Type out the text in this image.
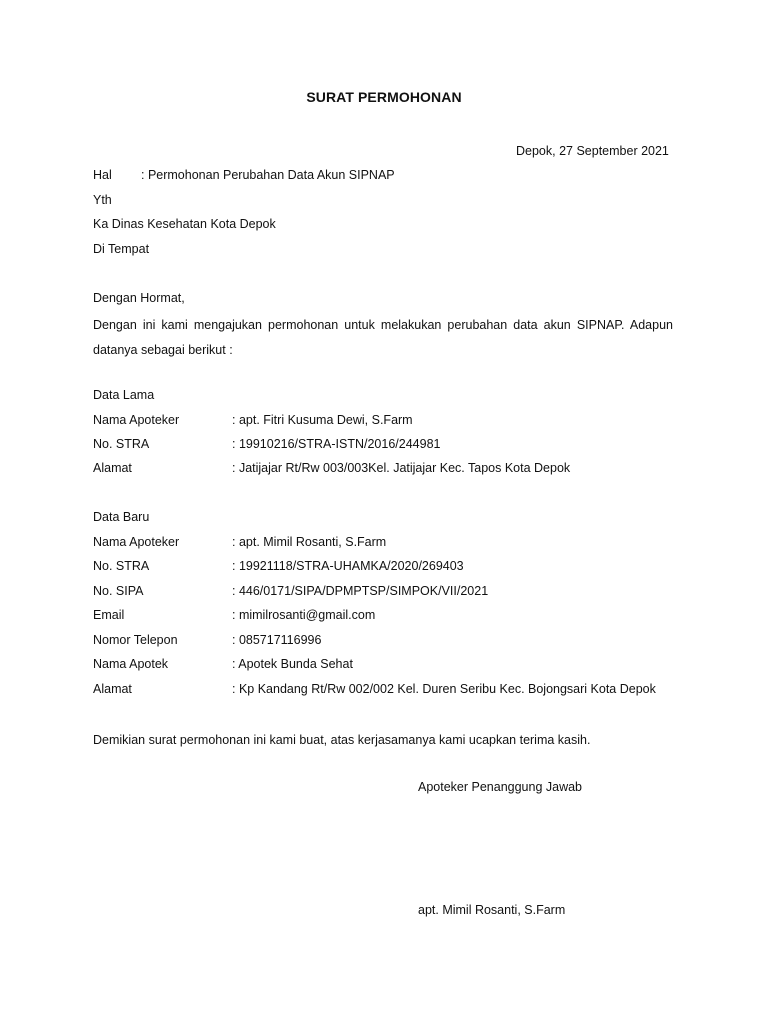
SURAT PERMOHONAN
Depok, 27 September 2021
Hal : Permohonan Perubahan Data Akun SIPNAP
Yth
Ka Dinas Kesehatan Kota Depok
Di Tempat
Dengan Hormat,
Dengan ini kami mengajukan permohonan untuk melakukan perubahan data akun SIPNAP. Adapun datanya sebagai berikut :
Data Lama
Nama Apoteker	: apt. Fitri Kusuma Dewi, S.Farm
No. STRA	: 19910216/STRA-ISTN/2016/244981
Alamat	: Jatijajar Rt/Rw 003/003Kel. Jatijajar Kec. Tapos Kota Depok
Data Baru
Nama Apoteker	: apt. Mimil Rosanti, S.Farm
No. STRA	: 19921118/STRA-UHAMKA/2020/269403
No. SIPA	: 446/0171/SIPA/DPMPTSP/SIMPOK/VII/2021
Email	: mimilrosanti@gmail.com
Nomor Telepon	: 085717116996
Nama Apotek	: Apotek Bunda Sehat
Alamat	: Kp Kandang Rt/Rw 002/002 Kel. Duren Seribu Kec. Bojongsari Kota Depok
Demikian surat permohonan ini kami buat, atas kerjasamanya kami ucapkan terima kasih.
Apoteker Penanggung Jawab
apt. Mimil Rosanti, S.Farm
